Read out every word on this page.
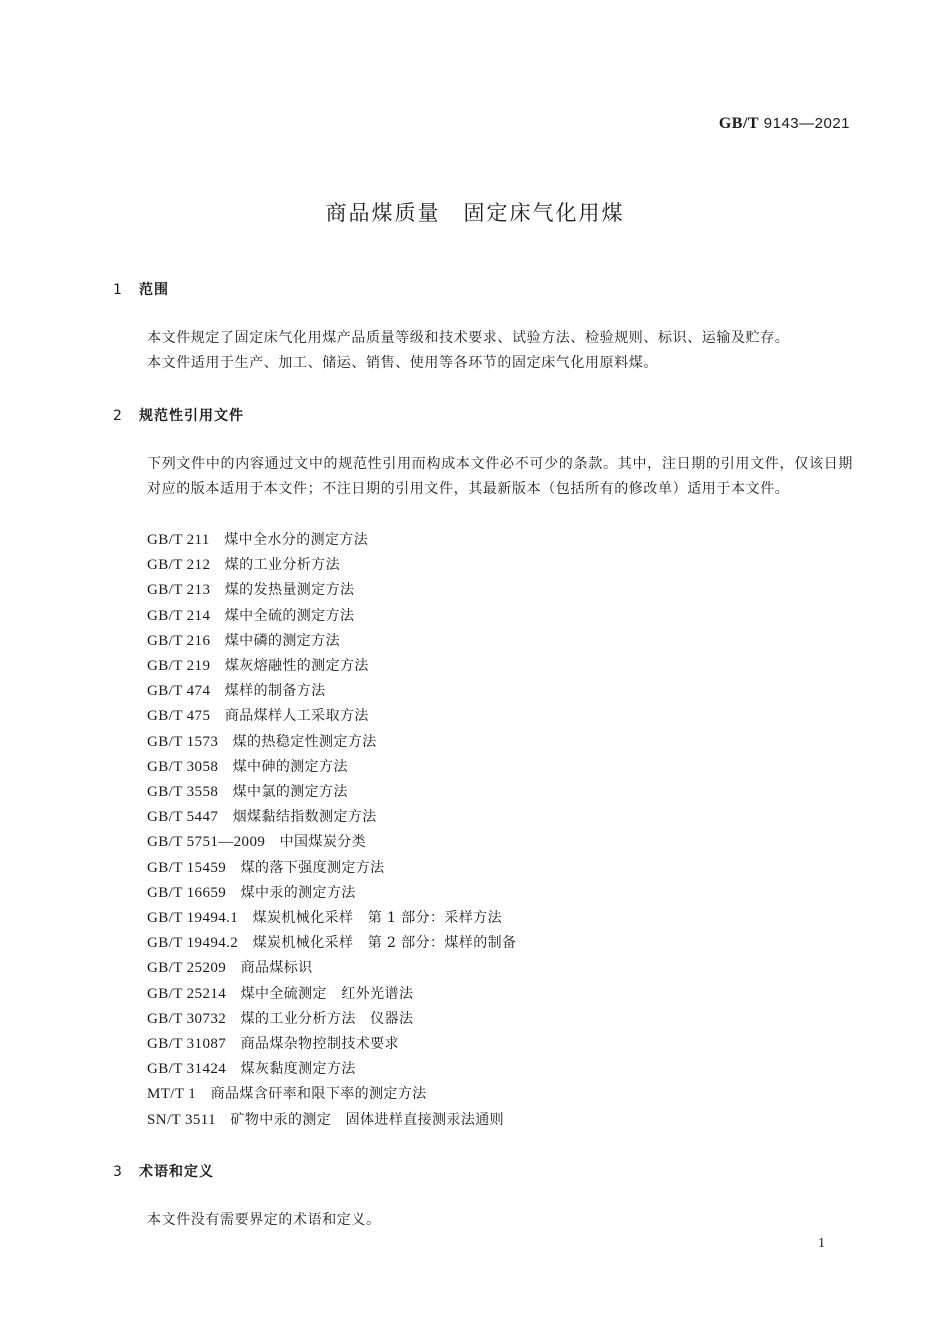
GB/T 9143—2021
商品煤质量　固定床气化用煤
1 范围
本文件规定了固定床气化用煤产品质量等级和技术要求、试验方法、检验规则、标识、运输及贮存。
本文件适用于生产、加工、储运、销售、使用等各环节的固定床气化用原料煤。
2 规范性引用文件
下列文件中的内容通过文中的规范性引用而构成本文件必不可少的条款。其中，注日期的引用文件，仅该日期对应的版本适用于本文件；不注日期的引用文件，其最新版本（包括所有的修改单）适用于本文件。
GB/T 211　 煤中全水分的测定方法
GB/T 212　 煤的工业分析方法
GB/T 213　 煤的发热量测定方法
GB/T 214　 煤中全硫的测定方法
GB/T 216　 煤中磷的测定方法
GB/T 219　 煤灰熔融性的测定方法
GB/T 474　 煤样的制备方法
GB/T 475　 商品煤样人工采取方法
GB/T 1573　 煤的热稳定性测定方法
GB/T 3058　 煤中砷的测定方法
GB/T 3558　 煤中氯的测定方法
GB/T 5447　 烟煤黏结指数测定方法
GB/T 5751—2009　 中国煤炭分类
GB/T 15459　 煤的落下强度测定方法
GB/T 16659　 煤中汞的测定方法
GB/T 19494.1　 煤炭机械化采样　第 1 部分：采样方法
GB/T 19494.2　 煤炭机械化采样　第 2 部分：煤样的制备
GB/T 25209　 商品煤标识
GB/T 25214　 煤中全硫测定　红外光谱法
GB/T 30732　 煤的工业分析方法　仪器法
GB/T 31087　 商品煤杂物控制技术要求
GB/T 31424　 煤灰黏度测定方法
MT/T 1　 商品煤含矸率和限下率的测定方法
SN/T 3511　 矿物中汞的测定　固体进样直接测汞法通则
3 术语和定义
本文件没有需要界定的术语和定义。
1
